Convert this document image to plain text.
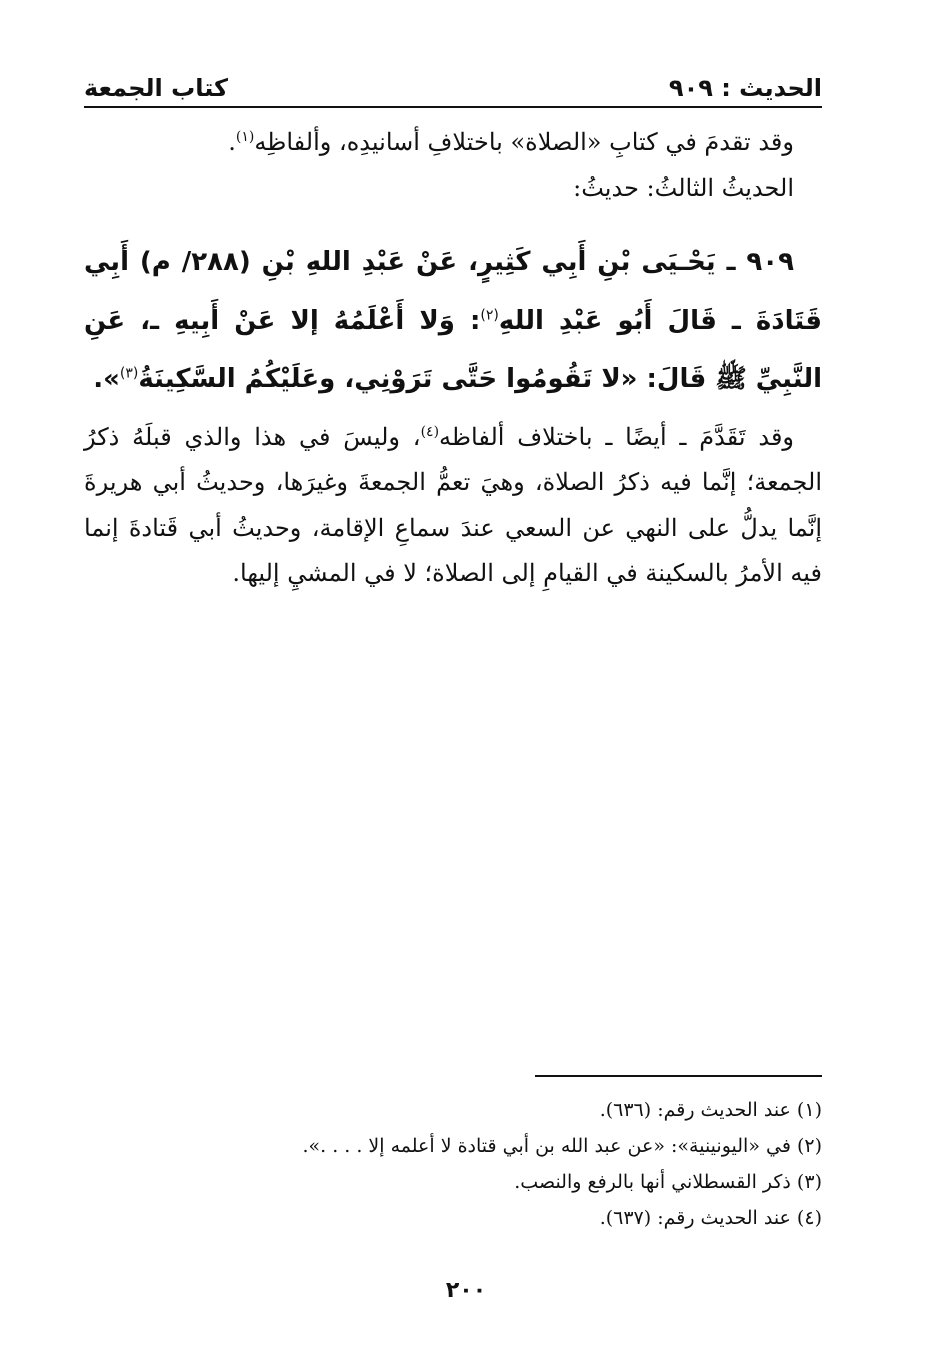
الحديث : ٩٠٩
كتاب الجمعة

وقد تقدمَ في كتابِ «الصلاة» باختلافِ أسانيدِه، وألفاظِه$^{(١)}$.

الحديثُ الثالثُ: حديثُ:

٩٠٩ ـ يَحْـيَى بْنِ أَبِي كَثِيرٍ، عَنْ عَبْدِ اللهِ بْنِ (٢٨٨/ م) أَبِي قَتَادَةَ ـ قَالَ أَبُو عَبْدِ اللهِ$^{(٢)}$: وَلا أَعْلَمُهُ إلا عَنْ أَبِيهِ ـ، عَنِ النَّبِيِّ ﷺ قَالَ: «لا تَقُومُوا حَتَّى تَرَوْنِي، وعَلَيْكُمُ السَّكِينَةُ$^{(٣)}$».

وقد تَقَدَّمَ ـ أيضًا ـ باختلاف ألفاظه$^{(٤)}$، وليسَ في هذا والذي قبلَهُ ذكرُ الجمعة؛ إنَّما فيه ذكرُ الصلاة، وهيَ تعمُّ الجمعةَ وغيرَها، وحديثُ أبي هريرةَ إنَّما يدلُّ على النهي عن السعي عندَ سماعِ الإقامة، وحديثُ أبي قَتادةَ إنما فيه الأمرُ بالسكينة في القيامِ إلى الصلاة؛ لا في المشيِ إليها.

(١) عند الحديث رقم: (٦٣٦).

(٢) في «اليونينية»: «عن عبد الله بن أبي قتادة لا أعلمه إلا . . . .».

(٣) ذكر القسطلاني أنها بالرفع والنصب.

(٤) عند الحديث رقم: (٦٣٧).

٢٠٠
